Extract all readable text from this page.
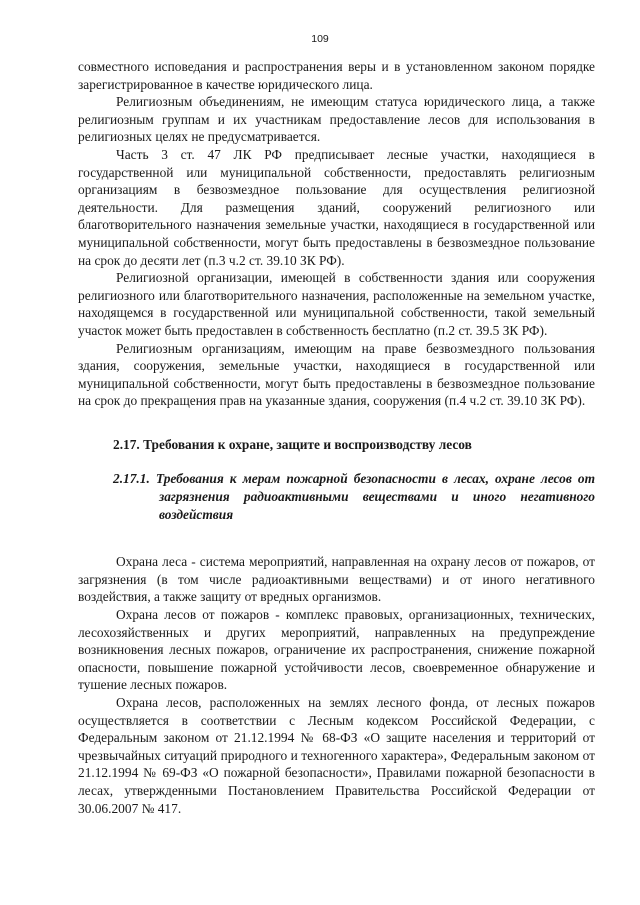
109

совместного исповедания и распространения веры и в установленном законом порядке зарегистрированное в качестве юридического лица.

Религиозным объединениям, не имеющим статуса юридического лица, а также религиозным группам и их участникам предоставление лесов для использования в религиозных целях не предусматривается.

Часть 3 ст. 47 ЛК РФ предписывает лесные участки, находящиеся в государственной или муниципальной собственности, предоставлять религиозным организациям в безвозмездное пользование для осуществления религиозной деятельности. Для размещения зданий, сооружений религиозного или благотворительного назначения земельные участки, находящиеся в государственной или муниципальной собственности, могут быть предоставлены в безвозмездное пользование на срок до десяти лет (п.3 ч.2 ст. 39.10 ЗК РФ).

Религиозной организации, имеющей в собственности здания или сооружения религиозного или благотворительного назначения, расположенные на земельном участке, находящемся в государственной или муниципальной собственности, такой земельный участок может быть предоставлен в собственность бесплатно (п.2 ст. 39.5 ЗК РФ).

Религиозным организациям, имеющим на праве безвозмездного пользования здания, сооружения, земельные участки, находящиеся в государственной или муниципальной собственности, могут быть предоставлены в безвозмездное пользование на срок до прекращения прав на указанные здания, сооружения (п.4 ч.2 ст. 39.10 ЗК РФ).

2.17. Требования к охране, защите и воспроизводству лесов

2.17.1. Требования к мерам пожарной безопасности в лесах, охране лесов от загрязнения радиоактивными веществами и иного негативного воздействия

Охрана леса - система мероприятий, направленная на охрану лесов от пожаров, от загрязнения (в том числе радиоактивными веществами) и от иного негативного воздействия, а также защиту от вредных организмов.

Охрана лесов от пожаров - комплекс правовых, организационных, технических, лесохозяйственных и других мероприятий, направленных на предупреждение возникновения лесных пожаров, ограничение их распространения, снижение пожарной опасности, повышение пожарной устойчивости лесов, своевременное обнаружение и тушение лесных пожаров.

Охрана лесов, расположенных на землях лесного фонда, от лесных пожаров осуществляется в соответствии с Лесным кодексом Российской Федерации, с Федеральным законом от 21.12.1994 № 68-ФЗ «О защите населения и территорий от чрезвычайных ситуаций природного и техногенного характера», Федеральным законом от 21.12.1994 № 69-ФЗ «О пожарной безопасности», Правилами пожарной безопасности в лесах, утвержденными Постановлением Правительства Российской Федерации от 30.06.2007 № 417.
